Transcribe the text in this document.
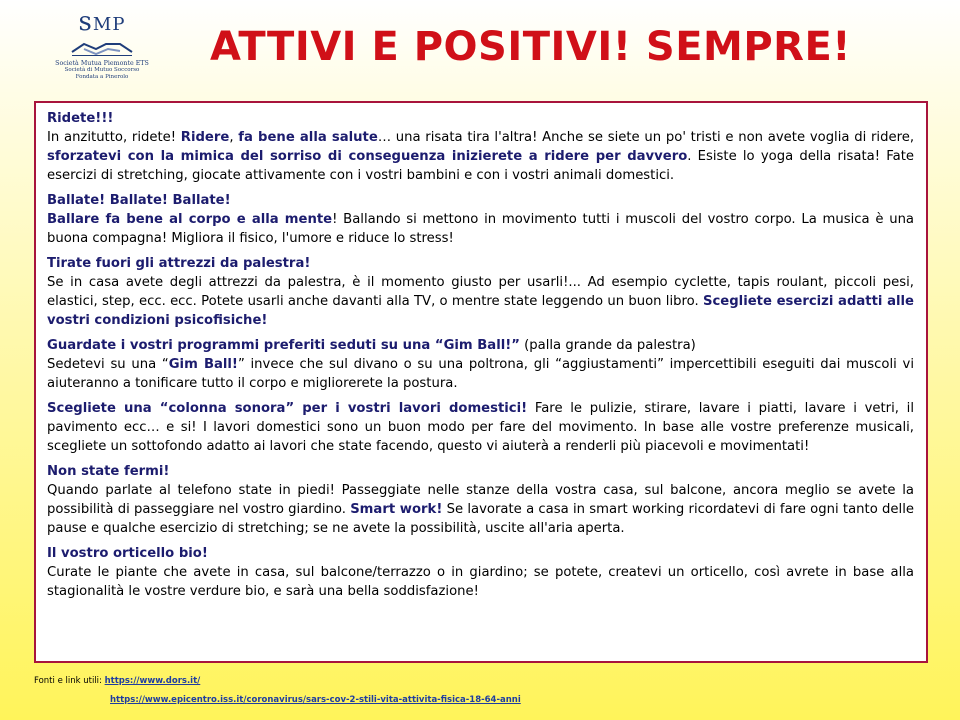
sMP
Società Mutua Piemonte ETS
Società di Mutuo Soccorso
Fondata a Pinerolo
ATTIVI E POSITIVI! SEMPRE!
Ridete!!!
In anzitutto, ridete! Ridere, fa bene alla salute… una risata tira l'altra! Anche se siete un po' tristi e non avete voglia di ridere, sforzatevi con la mimica del sorriso di conseguenza inizierete a ridere per davvero. Esiste lo yoga della risata! Fate esercizi di stretching, giocate attivamente con i vostri bambini e con i vostri animali domestici.
Ballate! Ballate! Ballate!
Ballare fa bene al corpo e alla mente! Ballando si mettono in movimento tutti i muscoli del vostro corpo. La musica è una buona compagna! Migliora il fisico, l'umore e riduce lo stress!
Tirate fuori gli attrezzi da palestra!
Se in casa avete degli attrezzi da palestra, è il momento giusto per usarli!... Ad esempio cyclette, tapis roulant, piccoli pesi, elastici, step, ecc. ecc. Potete usarli anche davanti alla TV, o mentre state leggendo un buon libro. Scegliete esercizi adatti alle vostri condizioni psicofisiche!
Guardate i vostri programmi preferiti seduti su una “Gim Ball!” (palla grande da palestra)
Sedetevi su una “Gim Ball!” invece che sul divano o su una poltrona, gli “aggiustamenti” impercettibili eseguiti dai muscoli vi aiuteranno a tonificare tutto il corpo e migliorerete la postura.
Scegliete una “colonna sonora” per i vostri lavori domestici! Fare le pulizie, stirare, lavare i piatti, lavare i vetri, il pavimento ecc… e si! I lavori domestici sono un buon modo per fare del movimento. In base alle vostre preferenze musicali, scegliete un sottofondo adatto ai lavori che state facendo, questo vi aiuterà a renderli più piacevoli e movimentati!
Non state fermi!
Quando parlate al telefono state in piedi! Passeggiate nelle stanze della vostra casa, sul balcone, ancora meglio se avete la possibilità di passeggiare nel vostro giardino. Smart work! Se lavorate a casa in smart working ricordatevi di fare ogni tanto delle pause e qualche esercizio di stretching; se ne avete la possibilità, uscite all'aria aperta.
Il vostro orticello bio!
Curate le piante che avete in casa, sul balcone/terrazzo o in giardino; se potete, createvi un orticello, così avrete in base alla stagionalità le vostre verdure bio, e sarà una bella soddisfazione!
Fonti e link utili: https://www.dors.it/
https://www.epicentro.iss.it/coronavirus/sars-cov-2-stili-vita-attivita-fisica-18-64-anni
